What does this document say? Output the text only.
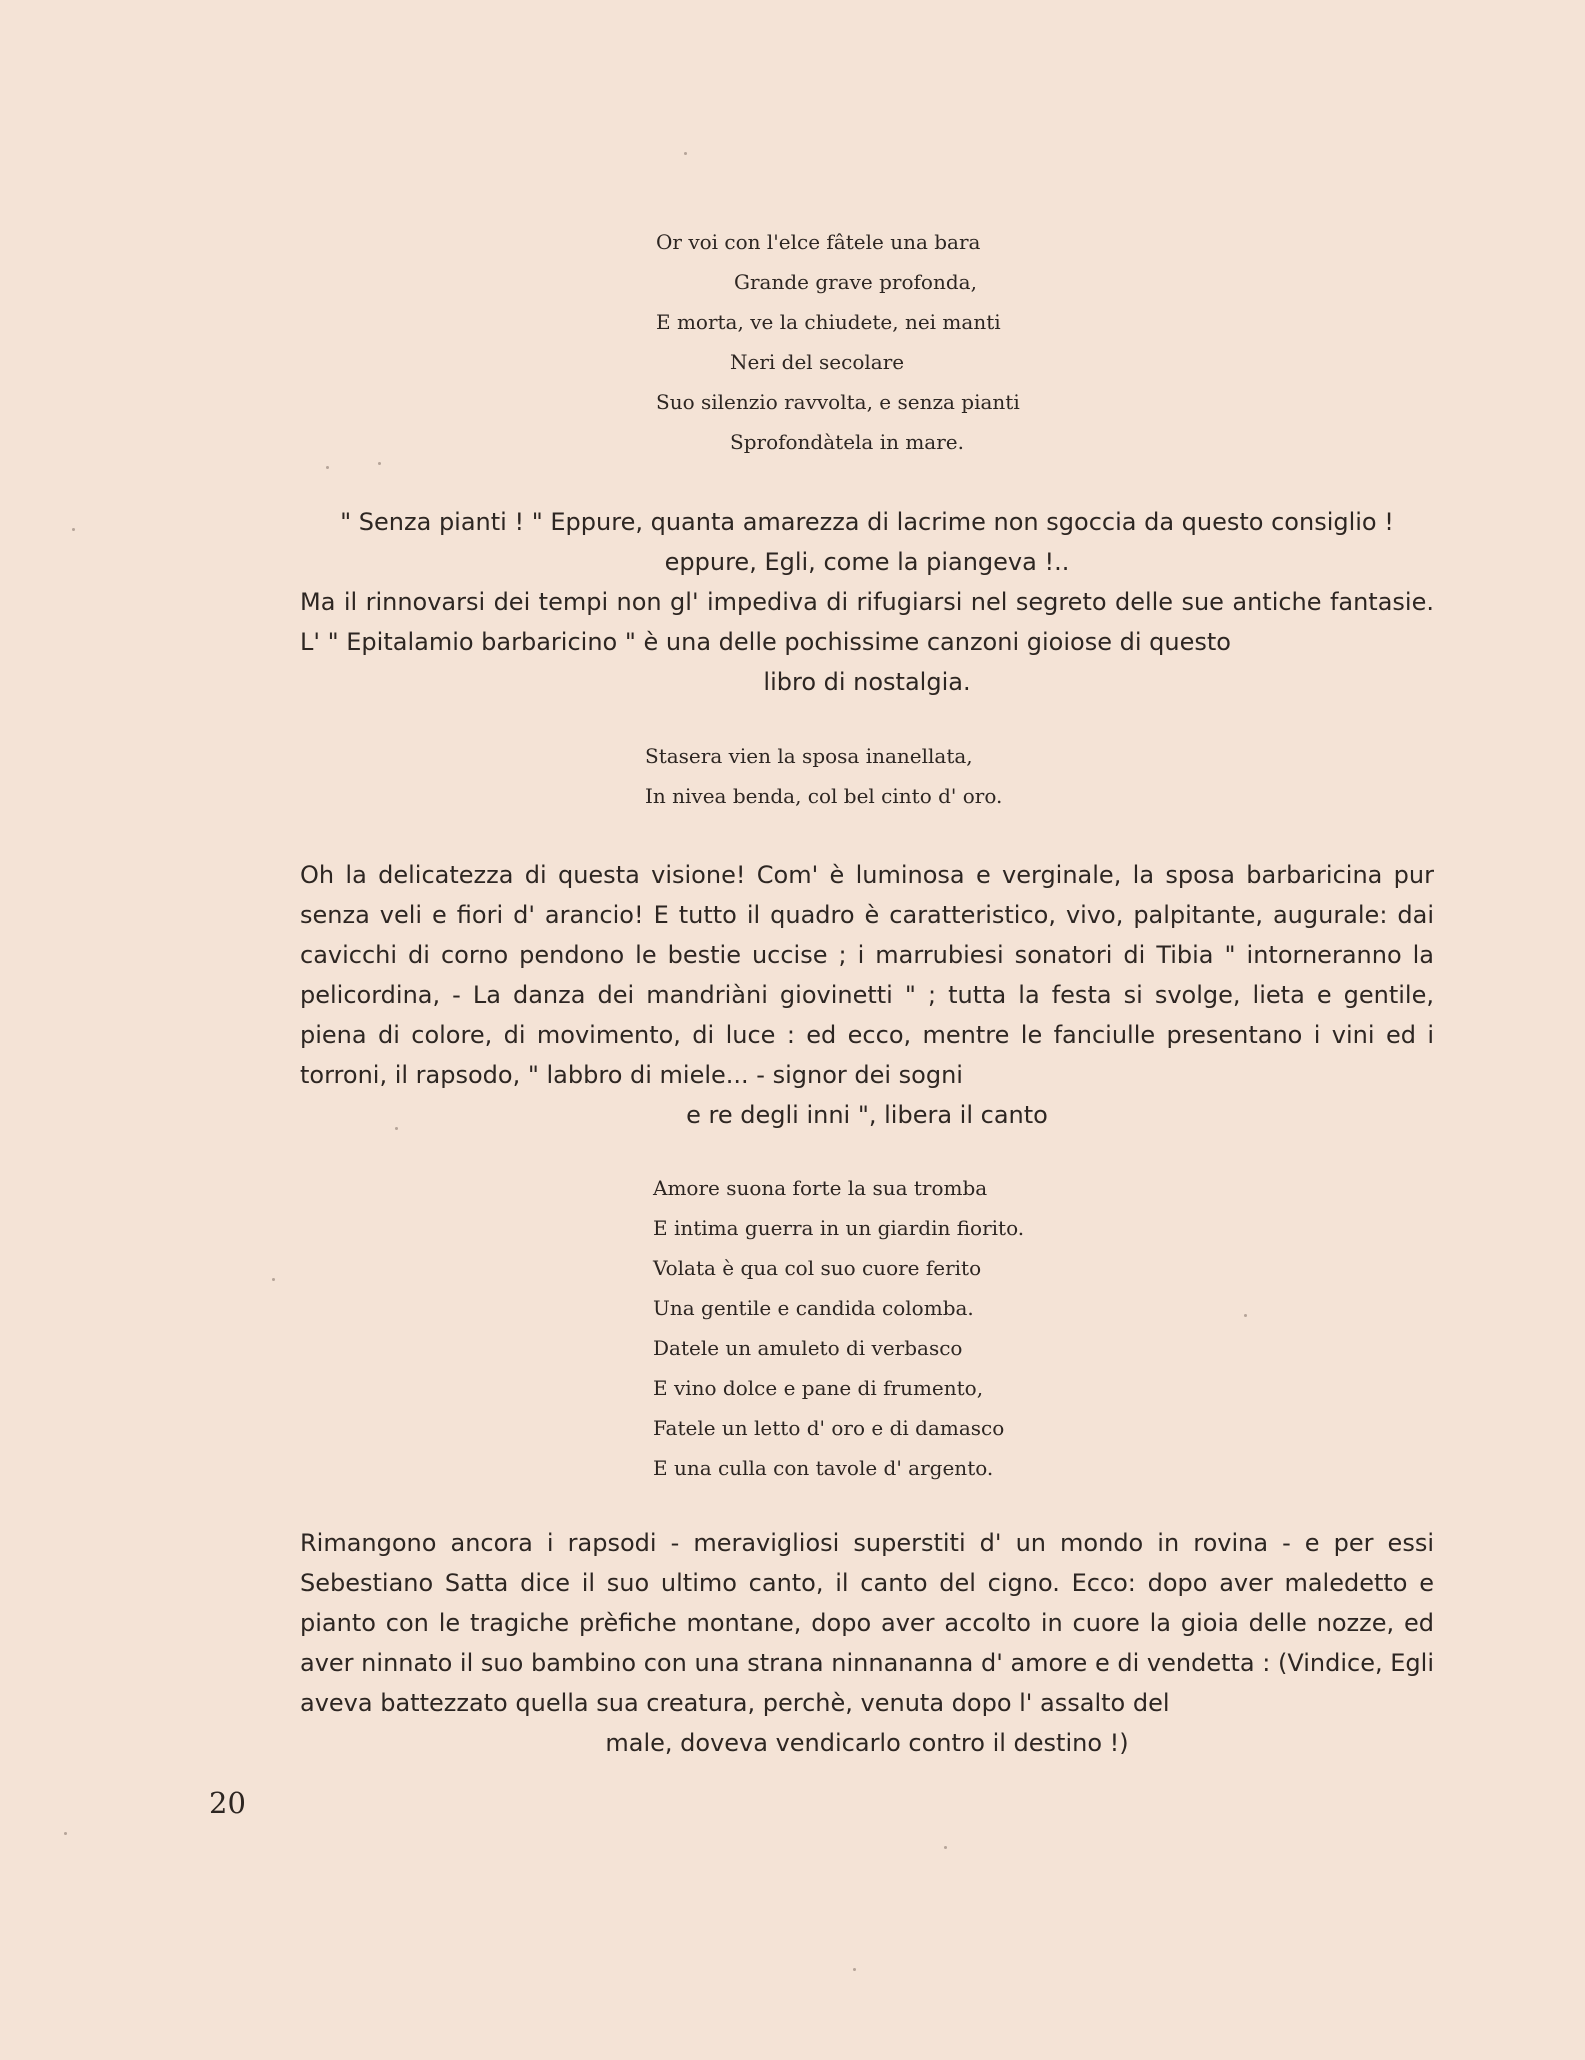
Or voi con l'elce fâtele una bara
Grande grave profonda,
E morta, ve la chiudete, nei manti
Neri del secolare
Suo silenzio ravvolta, e senza pianti
Sprofondàtela in mare.
" Senza pianti ! " Eppure, quanta amarezza di lacrime non sgoccia da questo consiglio !
eppure, Egli, come la piangeva !..
Ma il rinnovarsi dei tempi non gl' impediva di rifugiarsi nel segreto delle sue antiche fantasie. L' " Epitalamio barbaricino " è una delle pochissime canzoni gioiose di questo
libro di nostalgia.
Stasera vien la sposa inanellata,
In nivea benda, col bel cinto d' oro.
Oh la delicatezza di questa visione! Com' è luminosa e verginale, la sposa barbaricina pur senza veli e fiori d' arancio! E tutto il quadro è caratteristico, vivo, palpitante, augurale: dai cavicchi di corno pendono le bestie uccise ; i marrubiesi sonatori di Tibia " intorneranno la pelicordina, - La danza dei mandriàni giovinetti " ; tutta la festa si svolge, lieta e gentile, piena di colore, di movimento, di luce : ed ecco, mentre le fanciulle presentano i vini ed i torroni, il rapsodo, " labbro di miele... - signor dei sogni
e re degli inni ", libera il canto
Amore suona forte la sua tromba
E intima guerra in un giardin fiorito.
Volata è qua col suo cuore ferito
Una gentile e candida colomba.
Datele un amuleto di verbasco
E vino dolce e pane di frumento,
Fatele un letto d' oro e di damasco
E una culla con tavole d' argento.
Rimangono ancora i rapsodi - meravigliosi superstiti d' un mondo in rovina - e per essi Sebestiano Satta dice il suo ultimo canto, il canto del cigno. Ecco: dopo aver maledetto e pianto con le tragiche prèfiche montane, dopo aver accolto in cuore la gioia delle nozze, ed aver ninnato il suo bambino con una strana ninnananna d' amore e di vendetta : (Vindice, Egli aveva battezzato quella sua creatura, perchè, venuta dopo l' assalto del
male, doveva vendicarlo contro il destino !)
20
